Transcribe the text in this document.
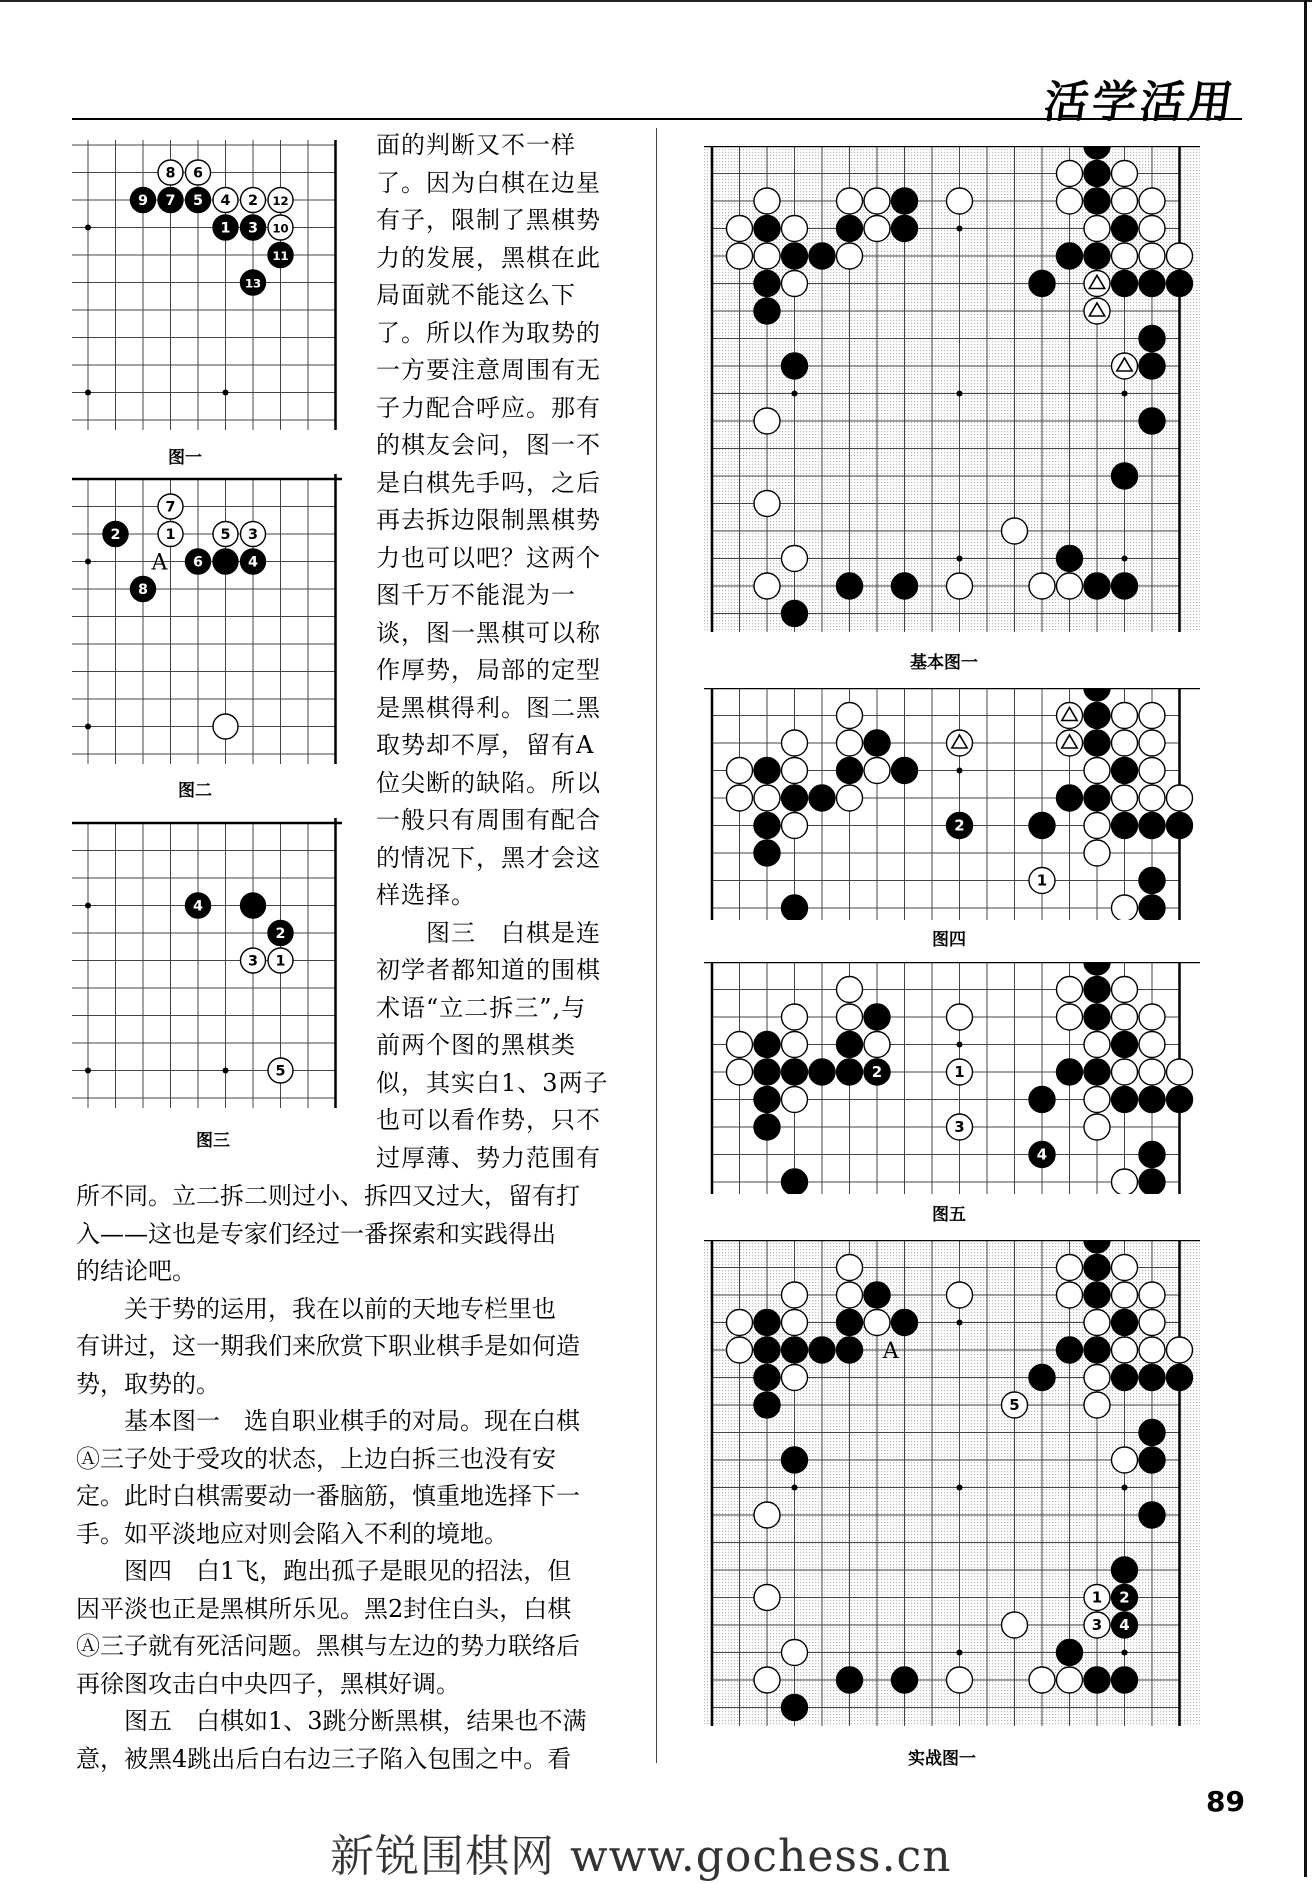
活学活用
8 6
9 7 5 4 2 12
1 3 10
11
13
图一
7
2	1	5 3
6	4
8
A
图二
4
2
3 1
5
图三
面的判断又不一样
了。因为白棋在边星
有子，限制了黑棋势
力的发展，黑棋在此
局面就不能这么下
了。所以作为取势的
一方要注意周围有无
子力配合呼应。那有
的棋友会问，图一不
是白棋先手吗，之后
再去拆边限制黑棋势
力也可以吧？这两个
图千万不能混为一
谈，图一黑棋可以称
作厚势，局部的定型
是黑棋得利。图二黑
取势却不厚，留有A
位尖断的缺陷。所以
一般只有周围有配合
的情况下，黑才会这
样选择。
　　图三　白棋是连
初学者都知道的围棋
术语“立二拆三”,与
前两个图的黑棋类
似，其实白1、3两子
也可以看作势，只不
过厚薄、势力范围有
所不同。立二拆二则过小、拆四又过大，留有打
入——这也是专家们经过一番探索和实践得出
的结论吧。
　　关于势的运用，我在以前的天地专栏里也
有讲过，这一期我们来欣赏下职业棋手是如何造
势，取势的。
　　基本图一　选自职业棋手的对局。现在白棋
Ⓐ三子处于受攻的状态，上边白拆三也没有安
定。此时白棋需要动一番脑筋，慎重地选择下一
手。如平淡地应对则会陷入不利的境地。
　　图四　白1飞，跑出孤子是眼见的招法，但
因平淡也正是黑棋所乐见。黑2封住白头，白棋
Ⓐ三子就有死活问题。黑棋与左边的势力联络后
再徐图攻击白中央四子，黑棋好调。
　　图五　白棋如1、3跳分断黑棋，结果也不满
意，被黑4跳出后白右边三子陷入包围之中。看
基本图一
2
1
图四
2	1
3
4
图五
5
1 2
3 4
A
实战图一
89
新锐围棋网 www.gochess.cn
